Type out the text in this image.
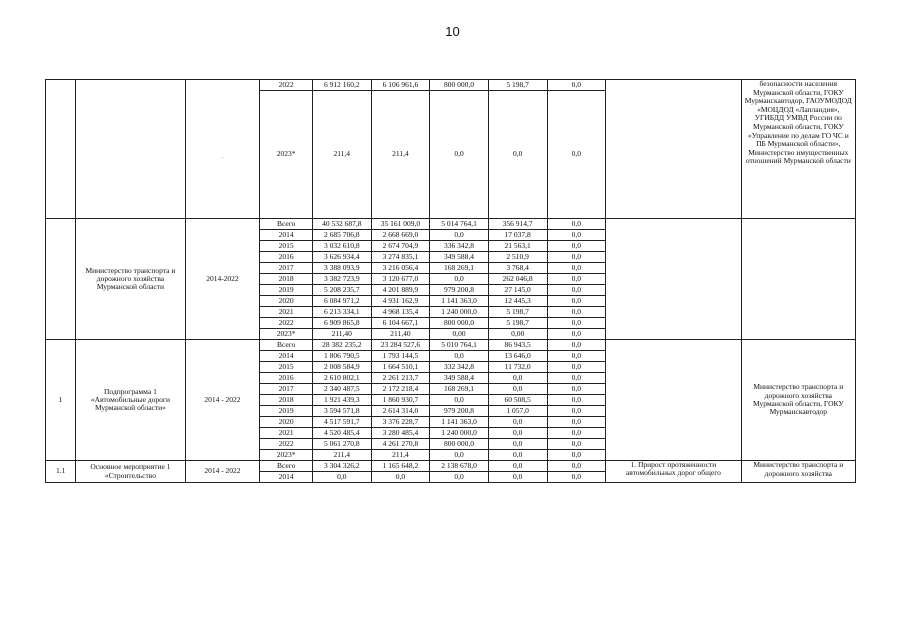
10
		.	2022	6 912 160,2	6 106 961,6	800 000,0	5 198,7	0,0		безопасности населения Мурманской области, ГОКУ Мурманскавтодор, ГАОУМОДОД «МОЦДОД «Лапландия», УГИБДД УМВД России по Мурманской области, ГОКУ «Управление по делам ГО ЧС и ПБ Мурманской области», Министерство имущественных отношений Мурманской области
			2023*	211,4	211,4	0,0	0,0	0,0		
	Министерство транспорта и дорожного хозяйства Мурманской области	2014-2022	Всего	40 532 687,8	35 161 009,0	5 014 764,1	356 914,7	0,0		
			2014	2 685 706,8	2 668 669,0	0,0	17 037,8	0,0		
			2015	3 032 610,8	2 674 704,9	336 342,8	21 563,1	0,0		
			2016	3 626 934,4	3 274 835,1	349 588,4	2 510,9	0,0		
			2017	3 388 093,9	3 216 056,4	168 269,1	3 768,4	0,0		
			2018	3 382 723,9	3 120 677,0	0,0	262 046,8	0,0		
			2019	5 208 235,7	4 201 889,9	979 200,8	27 145,0	0,0		
			2020	6 084 971,2	4 931 162,9	1 141 363,0	12 445,3	0,0		
			2021	6 213 334,1	4 968 135,4	1 240 000,0	5 198,7	0,0		
			2022	6 909 865,8	6 104 667,1	800 000,0	5 198,7	0,0		
			2023*	211,40	211,40	0,00	0,00	0,0		
1	Подпрограмма 1 «Автомобильные дороги Мурманской области»	2014 - 2022	Всего	28 382 235,2	23 284 527,6	5 010 764,1	86 943,5	0,0		Министерство транспорта и дорожного хозяйства Мурманской области, ГОКУ Мурманскавтодор
			2014	1 806 790,5	1 793 144,5	0,0	13 646,0	0,0		
			2015	2 008 584,9	1 664 510,1	332 342,8	11 732,0	0,0		
			2016	2 610 802,1	2 261 213,7	349 588,4	0,0	0,0		
			2017	2 340 487,5	2 172 218,4	168 269,1	0,0	0,0		
			2018	1 921 439,3	1 860 930,7	0,0	60 508,5	0,0		
			2019	3 594 571,8	2 614 314,0	979 200,8	1 057,0	0,0		
			2020	4 517 591,7	3 376 228,7	1 141 363,0	0,0	0,0		
			2021	4 520 485,4	3 280 485,4	1 240 000,0	0,0	0,0		
			2022	5 061 270,8	4 261 270,8	800 000,0	0,0	0,0		
			2023*	211,4	211,4	0,0	0,0	0,0		
1.1	Основное мероприятие 1 «Строительство	2014 - 2022	Всего	3 304 326,2	1 165 648,2	2 138 678,0	0,0	0,0	1. Прирост протяженности автомобильных дорог общего	Министерство транспорта и дорожного хозяйства
			2014	0,0	0,0	0,0	0,0	0,0		
